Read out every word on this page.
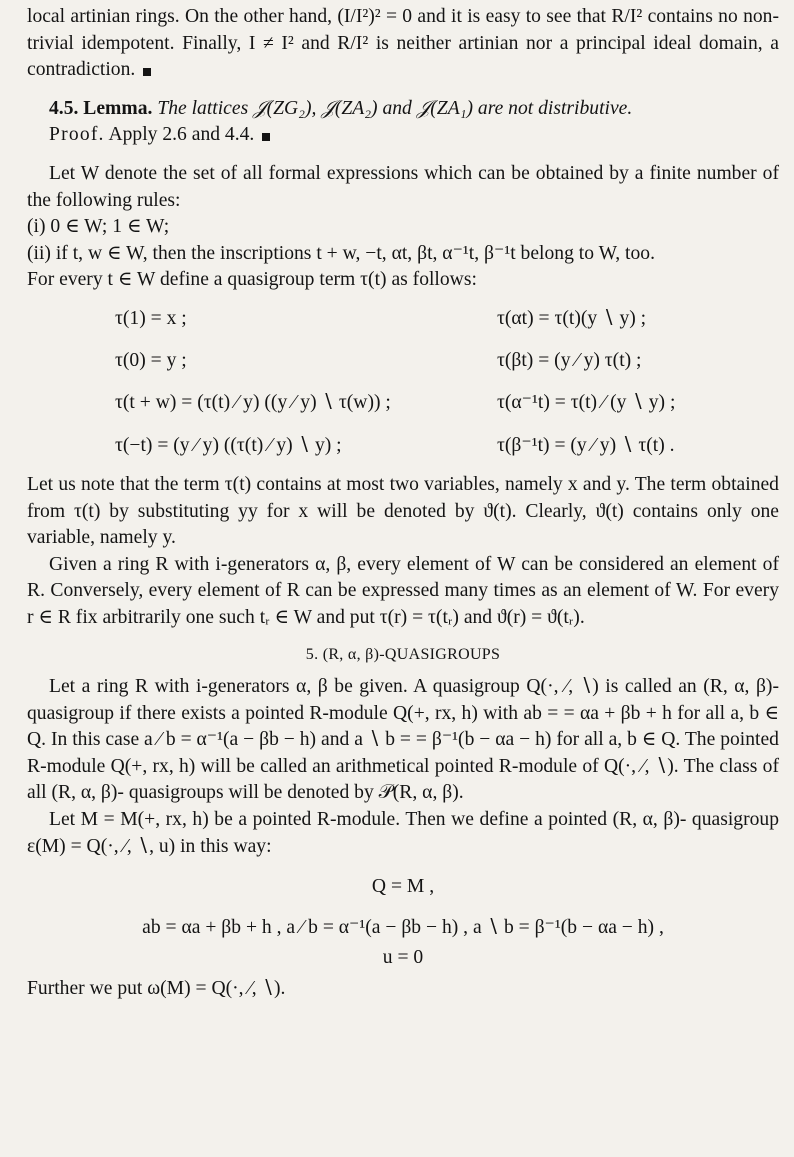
local artinian rings. On the other hand, (I/I²)² = 0 and it is easy to see that R/I² contains no non-trivial idempotent. Finally, I ≠ I² and R/I² is neither artinian nor a principal ideal domain, a contradiction.

4.5. Lemma. The lattices 𝒥(ZG₂), 𝒥(ZA₂) and 𝒥(ZA₁) are not distributive.

Proof. Apply 2.6 and 4.4.

Let W denote the set of all formal expressions which can be obtained by a finite number of the following rules:

(i) 0 ∈ W; 1 ∈ W;

(ii) if t, w ∈ W, then the inscriptions t + w, −t, αt, βt, α⁻¹t, β⁻¹t belong to W, too.

For every t ∈ W define a quasigroup term τ(t) as follows:

τ(1) = x ;
τ(0) = y ;
τ(t + w) = (τ(t) ⁄ y) ((y ⁄ y) ∖ τ(w)) ;
τ(−t) = (y ⁄ y) ((τ(t) ⁄ y) ∖ y) ;
τ(αt) = τ(t)(y ∖ y) ;
τ(βt) = (y ⁄ y) τ(t) ;
τ(α⁻¹t) = τ(t) ⁄ (y ∖ y) ;
τ(β⁻¹t) = (y ⁄ y) ∖ τ(t) .

Let us note that the term τ(t) contains at most two variables, namely x and y. The term obtained from τ(t) by substituting yy for x will be denoted by ϑ(t). Clearly, ϑ(t) contains only one variable, namely y.

Given a ring R with i-generators α, β, every element of W can be considered an element of R. Conversely, every element of R can be expressed many times as an element of W. For every r ∈ R fix arbitrarily one such tᵣ ∈ W and put τ(r) = τ(tᵣ) and ϑ(r) = ϑ(tᵣ).

5. (R, α, β)-QUASIGROUPS

Let a ring R with i-generators α, β be given. A quasigroup Q(·, ⁄, ∖) is called an (R, α, β)-quasigroup if there exists a pointed R-module Q(+, rx, h) with ab = = αa + βb + h for all a, b ∈ Q. In this case a ⁄ b = α⁻¹(a − βb − h) and a ∖ b = = β⁻¹(b − αa − h) for all a, b ∈ Q. The pointed R-module Q(+, rx, h) will be called an arithmetical pointed R-module of Q(·, ⁄, ∖). The class of all (R, α, β)- quasigroups will be denoted by 𝒫(R, α, β).

Let M = M(+, rx, h) be a pointed R-module. Then we define a pointed (R, α, β)- quasigroup ε(M) = Q(·, ⁄, ∖, u) in this way:

Q = M ,
ab = αa + βb + h , a ⁄ b = α⁻¹(a − βb − h) , a ∖ b = β⁻¹(b − αa − h) ,
u = 0

Further we put ω(M) = Q(·, ⁄, ∖).
